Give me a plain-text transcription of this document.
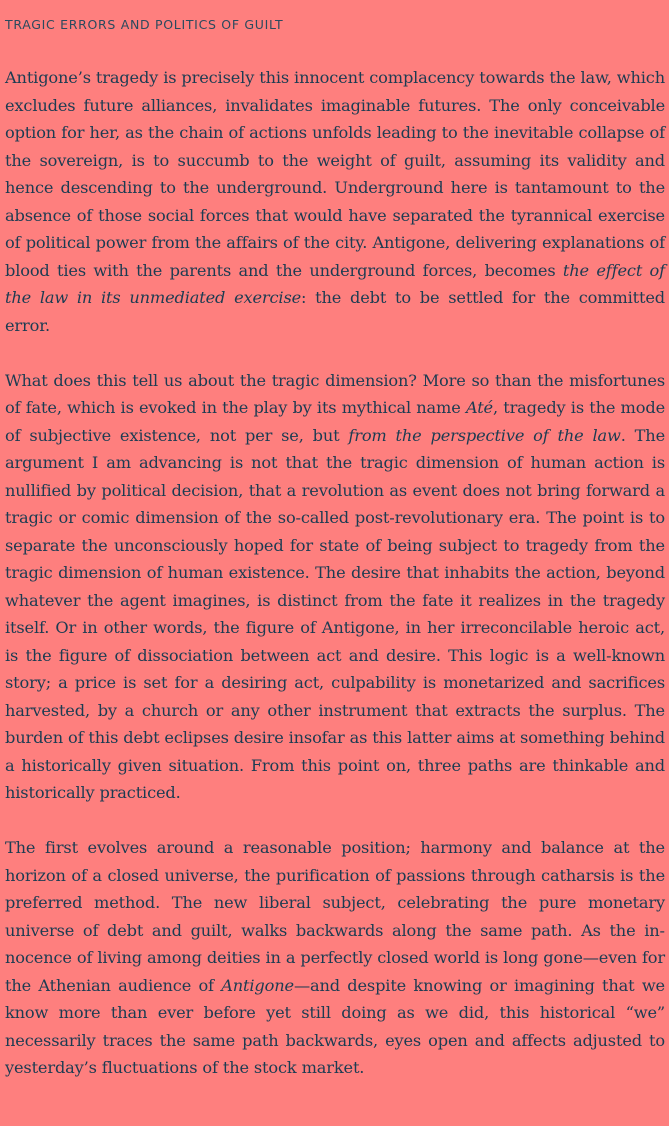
TRAGIC ERRORS AND POLITICS OF GUILT

Antigone’s tragedy is precisely this innocent complacency towards the law, which excludes future alliances, invalidates imaginable futures. The only conceivable option for her, as the chain of actions unfolds leading to the inevitable collapse of the sovereign, is to succumb to the weight of guilt, assuming its validity and hence descending to the underground. Underground here is tantamount to the absence of those social forces that would have separated the tyrannical exercise of political power from the affairs of the city. Antigone, delivering explanations of blood ties with the parents and the underground forces, becomes the effect of the law in its unmediated exercise: the debt to be settled for the committed error.

What does this tell us about the tragic dimension? More so than the misfortunes of fate, which is evoked in the play by its mythical name Até, tragedy is the mode of subjective existence, not per se, but from the perspective of the law. The argument I am advancing is not that the tragic dimension of human action is nullified by political decision, that a revolution as event does not bring forward a tragic or comic dimension of the so-called post-revolutionary era. The point is to separate the unconsciously hoped for state of being subject to tragedy from the tragic dimension of human existence. The desire that inhabits the action, beyond whatever the agent imagines, is distinct from the fate it realizes in the tragedy itself. Or in other words, the figure of Antigone, in her irreconcilable heroic act, is the figure of dissociation between act and desire. This logic is a well-known story; a price is set for a desiring act, culpability is monetarized and sacrifices harvested, by a church or any other instrument that extracts the surplus. The burden of this debt eclipses desire insofar as this latter aims at something behind a historically given situation. From this point on, three paths are thinkable and historically practiced.

The first evolves around a reasonable position; harmony and balance at the horizon of a closed universe, the purification of passions through catharsis is the preferred method. The new liberal subject, celebrating the pure monetary universe of debt and guilt, walks backwards along the same path. As the innocence of living among deities in a perfectly closed world is long gone—even for the Athenian audience of Antigone—and despite knowing or imagining that we know more than ever before yet still doing as we did, this historical “we” necessarily traces the same path backwards, eyes open and affects adjusted to yesterday’s fluctuations of the stock market.
